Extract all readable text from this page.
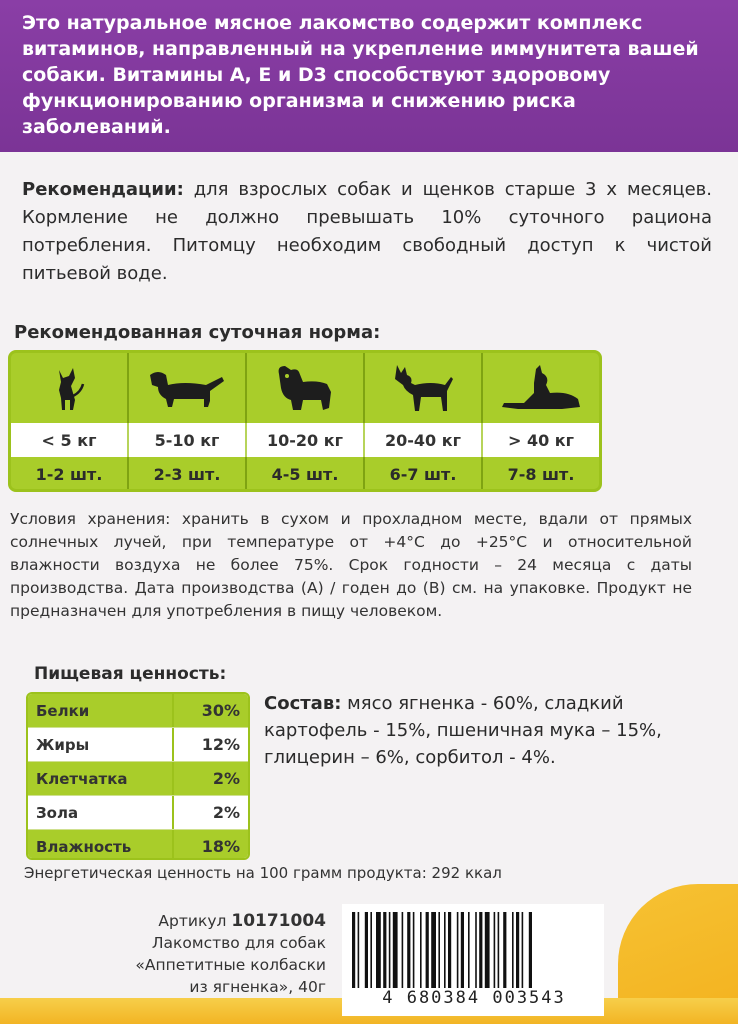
Это натуральное мясное лакомство содержит комплекс витаминов, направленный на укрепление иммунитета вашей собаки. Витамины А, Е и D3 способствуют здоровому функционированию организма и снижению риска заболеваний.

Рекомендации: для взрослых собак и щенков старше 3 х месяцев. Кормление не должно превышать 10% суточного рациона потребления. Питомцу необходим свободный доступ к чистой питьевой воде.
Рекомендованная суточная норма:
< 5 кг	5-10 кг	10-20 кг	20-40 кг	> 40 кг
1-2 шт.	2-3 шт.	4-5 шт.	6-7 шт.	7-8 шт.
Условия хранения: хранить в сухом и прохладном месте, вдали от прямых солнечных лучей, при температуре от +4°С до +25°С и относительной влажности воздуха не более 75%. Срок годности – 24 месяца с даты производства. Дата производства (А) / годен до (В) см. на упаковке. Продукт не предназначен для употребления в пищу человеком.
Пищевая ценность:
Белки	30%
Жиры	12%
Клетчатка	2%
Зола	2%
Влажность	18%
Состав: мясо ягненка - 60%, сладкий картофель - 15%, пшеничная мука – 15%, глицерин – 6%, сорбитол - 4%.
Энергетическая ценность на 100 грамм продукта: 292 ккал
Артикул 10171004
Лакомство для собак
«Аппетитные колбаски
из ягненка», 40г
4 680384 003543
